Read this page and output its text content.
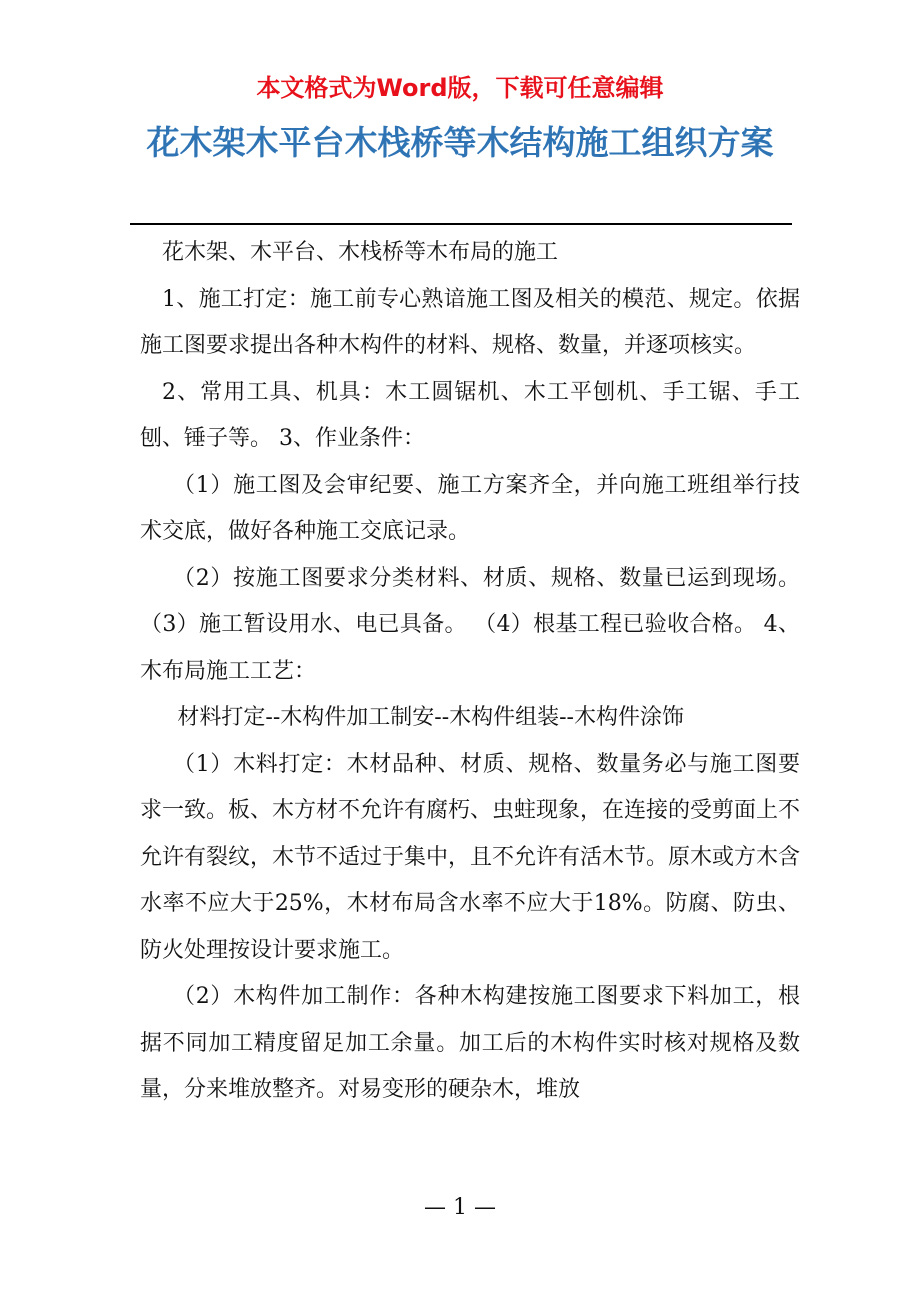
本文格式为Word版，下载可任意编辑

花木架木平台木栈桥等木结构施工组织方案

花木架、木平台、木栈桥等木布局的施工

1、施工打定：施工前专心熟谙施工图及相关的模范、规定。依据施工图要求提出各种木构件的材料、规格、数量，并逐项核实。

2、常用工具、机具：木工圆锯机、木工平刨机、手工锯、手工刨、锤子等。 3、作业条件：

（1）施工图及会审纪要、施工方案齐全，并向施工班组举行技术交底，做好各种施工交底记录。

（2）按施工图要求分类材料、材质、规格、数量已运到现场。 （3）施工暂设用水、电已具备。 （4）根基工程已验收合格。 4、木布局施工工艺：

材料打定--木构件加工制安--木构件组装--木构件涂饰

（1）木料打定：木材品种、材质、规格、数量务必与施工图要求一致。板、木方材不允许有腐朽、虫蛀现象，在连接的受剪面上不允许有裂纹，木节不适过于集中，且不允许有活木节。原木或方木含水率不应大于25%，木材布局含水率不应大于18%。防腐、防虫、防火处理按设计要求施工。

（2）木构件加工制作：各种木构建按施工图要求下料加工，根据不同加工精度留足加工余量。加工后的木构件实时核对规格及数量，分来堆放整齐。对易变形的硬杂木，堆放

— 1 —
